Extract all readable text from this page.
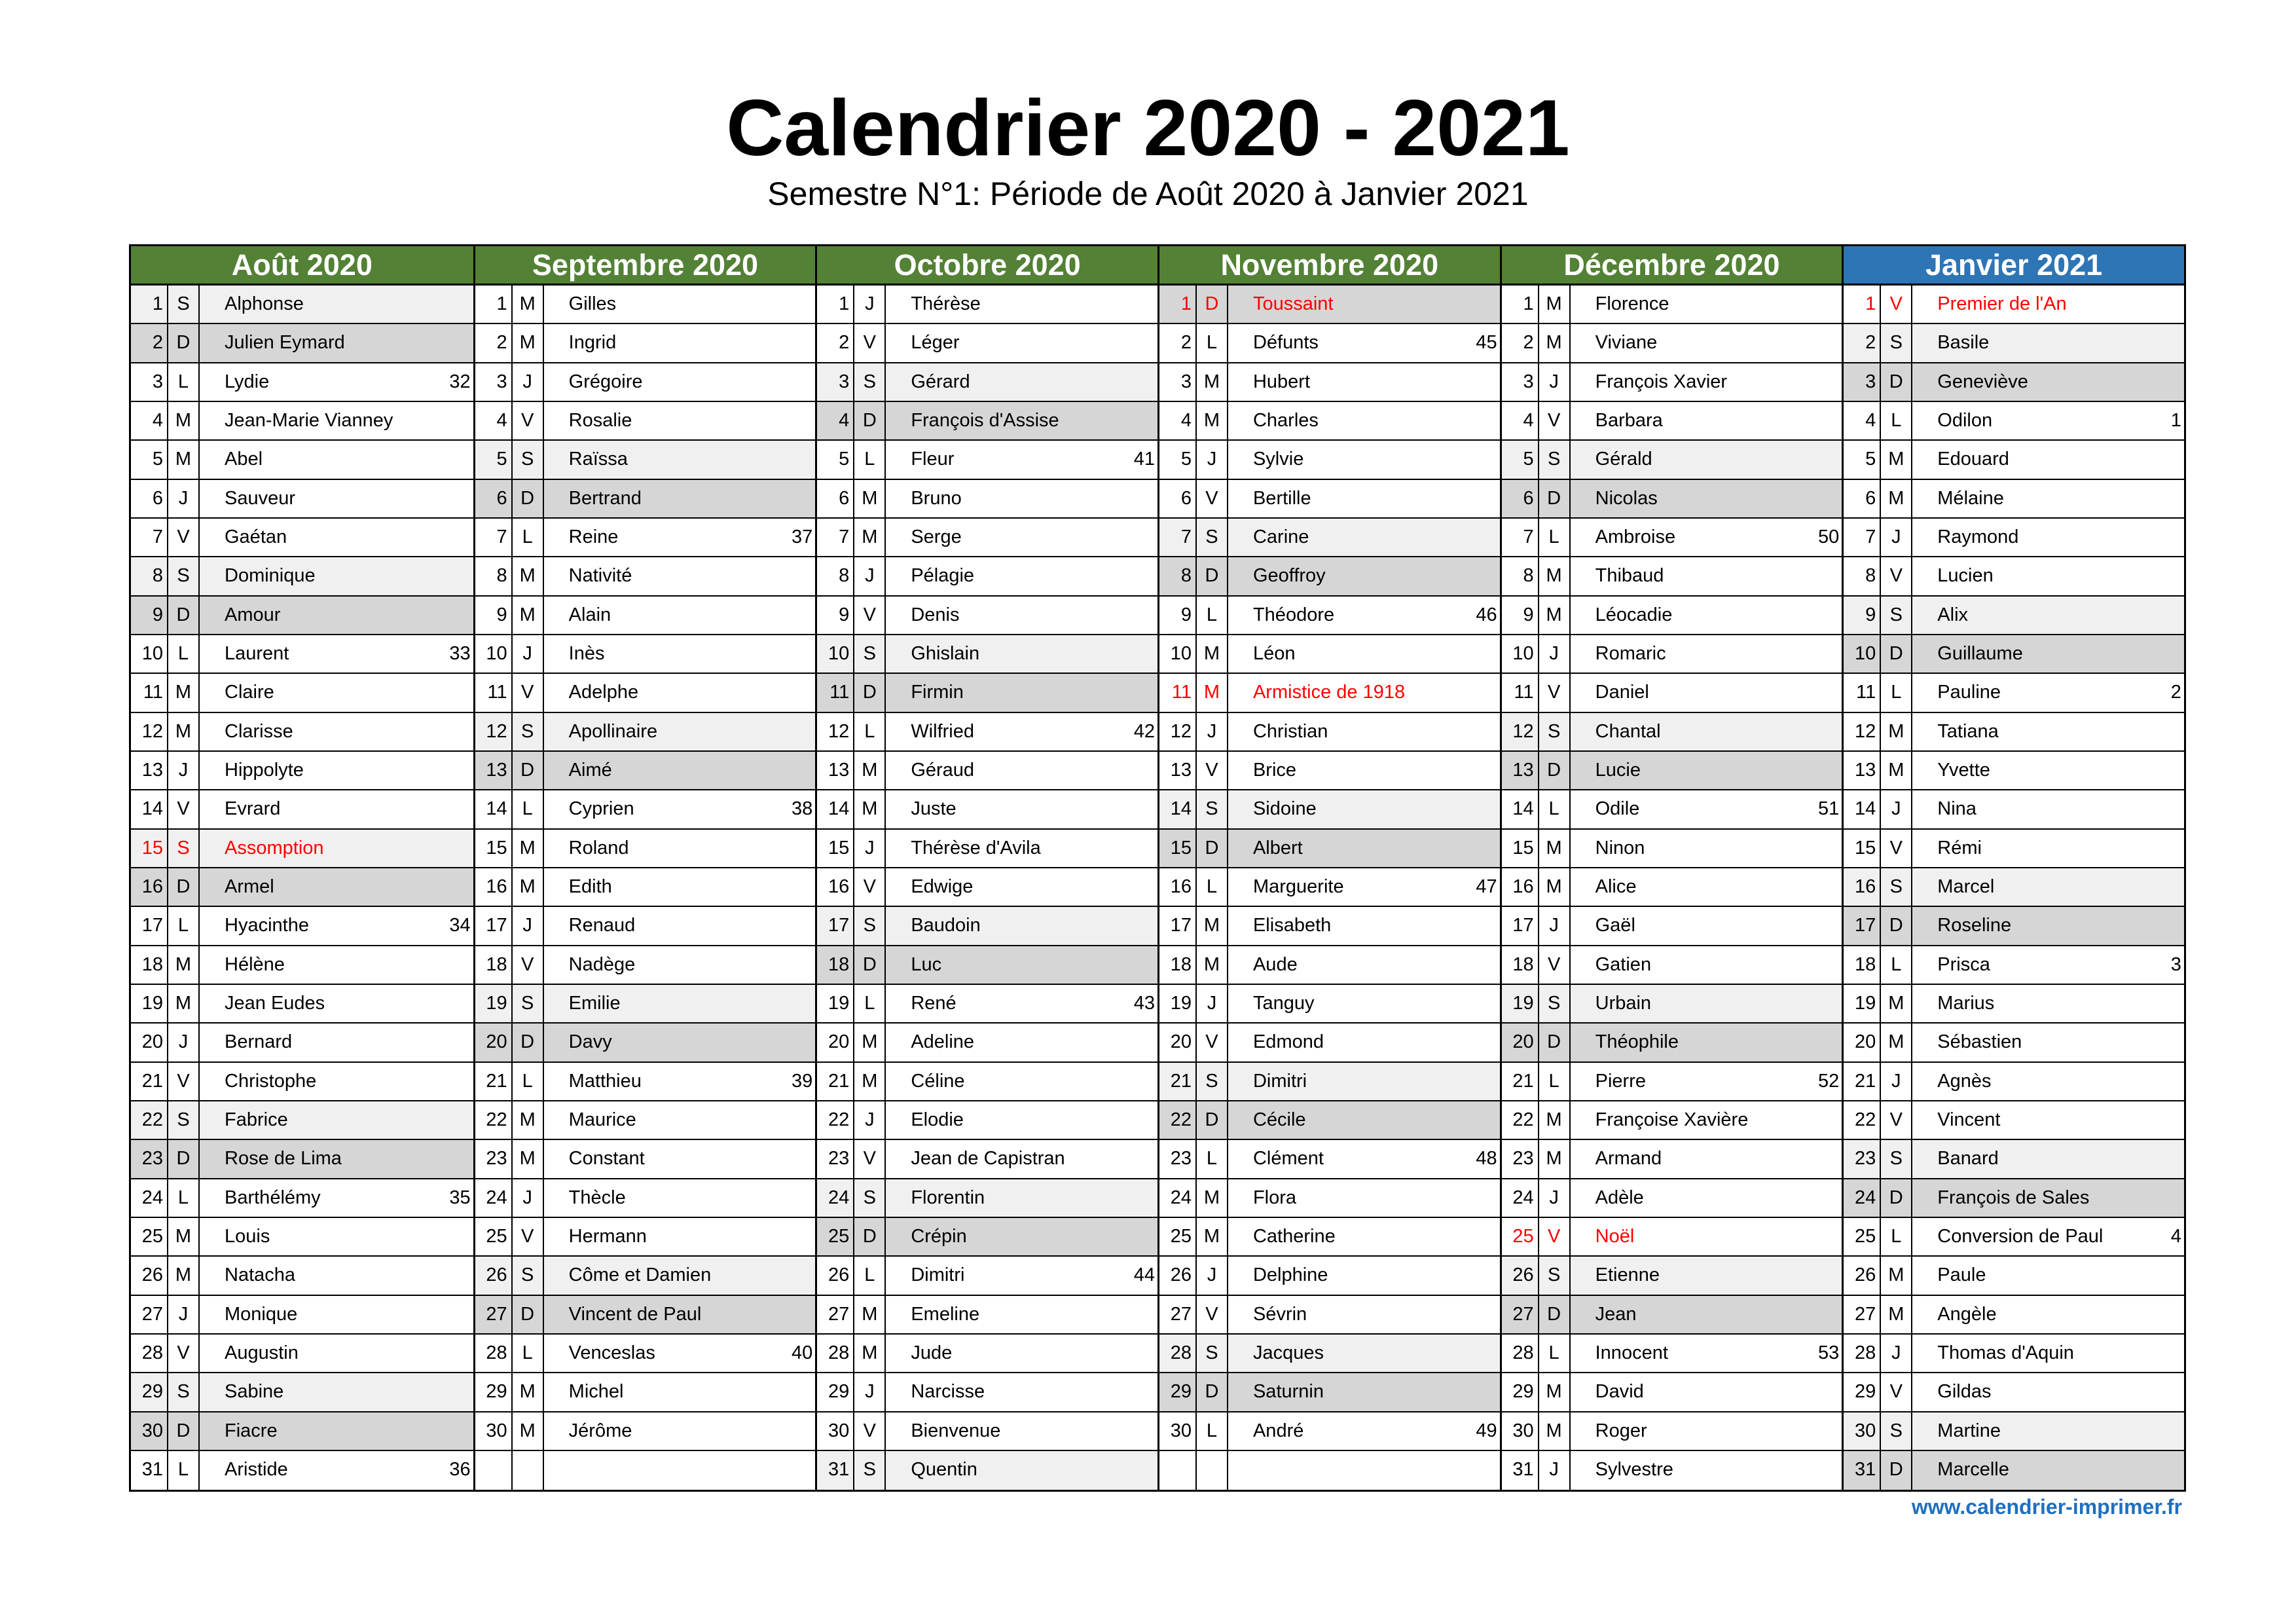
Calendrier 2020 - 2021
Semestre N°1: Période de Août 2020 à Janvier 2021
Août 2020
1 S	Alphonse
2 D	Julien Eymard
3 L	Lydie	32
4 M	Jean-Marie Vianney
5 M	Abel
6 J	Sauveur
7 V	Gaétan
8 S	Dominique
9 D	Amour
10 L	Laurent	33
11 M	Claire
12 M	Clarisse
13 J	Hippolyte
14 V	Evrard
15 S	Assomption
16 D	Armel
17 L	Hyacinthe	34
18 M	Hélène
19 M	Jean Eudes
20 J	Bernard
21 V	Christophe
22 S	Fabrice
23 D	Rose de Lima
24 L	Barthélémy	35
25 M	Louis
26 M	Natacha
27 J	Monique
28 V	Augustin
29 S	Sabine
30 D	Fiacre
31 L	Aristide	36
Septembre 2020
1 M	Gilles
2 M	Ingrid
3 J	Grégoire
4 V	Rosalie
5 S	Raïssa
6 D	Bertrand
7 L	Reine	37
8 M	Nativité
9 M	Alain
10 J	Inès
11 V	Adelphe
12 S	Apollinaire
13 D	Aimé
14 L	Cyprien	38
15 M	Roland
16 M	Edith
17 J	Renaud
18 V	Nadège
19 S	Emilie
20 D	Davy
21 L	Matthieu	39
22 M	Maurice
23 M	Constant
24 J	Thècle
25 V	Hermann
26 S	Côme et Damien
27 D	Vincent de Paul
28 L	Venceslas	40
29 M	Michel
30 M	Jérôme
Octobre 2020
1 J	Thérèse
2 V	Léger
3 S	Gérard
4 D	François d'Assise
5 L	Fleur	41
6 M	Bruno
7 M	Serge
8 J	Pélagie
9 V	Denis
10 S	Ghislain
11 D	Firmin
12 L	Wilfried	42
13 M	Géraud
14 M	Juste
15 J	Thérèse d'Avila
16 V	Edwige
17 S	Baudoin
18 D	Luc
19 L	René	43
20 M	Adeline
21 M	Céline
22 J	Elodie
23 V	Jean de Capistran
24 S	Florentin
25 D	Crépin
26 L	Dimitri	44
27 M	Emeline
28 M	Jude
29 J	Narcisse
30 V	Bienvenue
31 S	Quentin
Novembre 2020
1 D	Toussaint
2 L	Défunts	45
3 M	Hubert
4 M	Charles
5 J	Sylvie
6 V	Bertille
7 S	Carine
8 D	Geoffroy
9 L	Théodore	46
10 M	Léon
11 M	Armistice de 1918
12 J	Christian
13 V	Brice
14 S	Sidoine
15 D	Albert
16 L	Marguerite	47
17 M	Elisabeth
18 M	Aude
19 J	Tanguy
20 V	Edmond
21 S	Dimitri
22 D	Cécile
23 L	Clément	48
24 M	Flora
25 M	Catherine
26 J	Delphine
27 V	Sévrin
28 S	Jacques
29 D	Saturnin
30 L	André	49
Décembre 2020
1 M	Florence
2 M	Viviane
3 J	François Xavier
4 V	Barbara
5 S	Gérald
6 D	Nicolas
7 L	Ambroise	50
8 M	Thibaud
9 M	Léocadie
10 J	Romaric
11 V	Daniel
12 S	Chantal
13 D	Lucie
14 L	Odile	51
15 M	Ninon
16 M	Alice
17 J	Gaël
18 V	Gatien
19 S	Urbain
20 D	Théophile
21 L	Pierre	52
22 M	Françoise Xavière
23 M	Armand
24 J	Adèle
25 V	Noël
26 S	Etienne
27 D	Jean
28 L	Innocent	53
29 M	David
30 M	Roger
31 J	Sylvestre
Janvier 2021
1 V	Premier de l'An
2 S	Basile
3 D	Geneviève
4 L	Odilon	1
5 M	Edouard
6 M	Mélaine
7 J	Raymond
8 V	Lucien
9 S	Alix
10 D	Guillaume
11 L	Pauline	2
12 M	Tatiana
13 M	Yvette
14 J	Nina
15 V	Rémi
16 S	Marcel
17 D	Roseline
18 L	Prisca	3
19 M	Marius
20 M	Sébastien
21 J	Agnès
22 V	Vincent
23 S	Banard
24 D	François de Sales
25 L	Conversion de Paul	4
26 M	Paule
27 M	Angèle
28 J	Thomas d'Aquin
29 V	Gildas
30 S	Martine
31 D	Marcelle
www.calendrier-imprimer.fr
